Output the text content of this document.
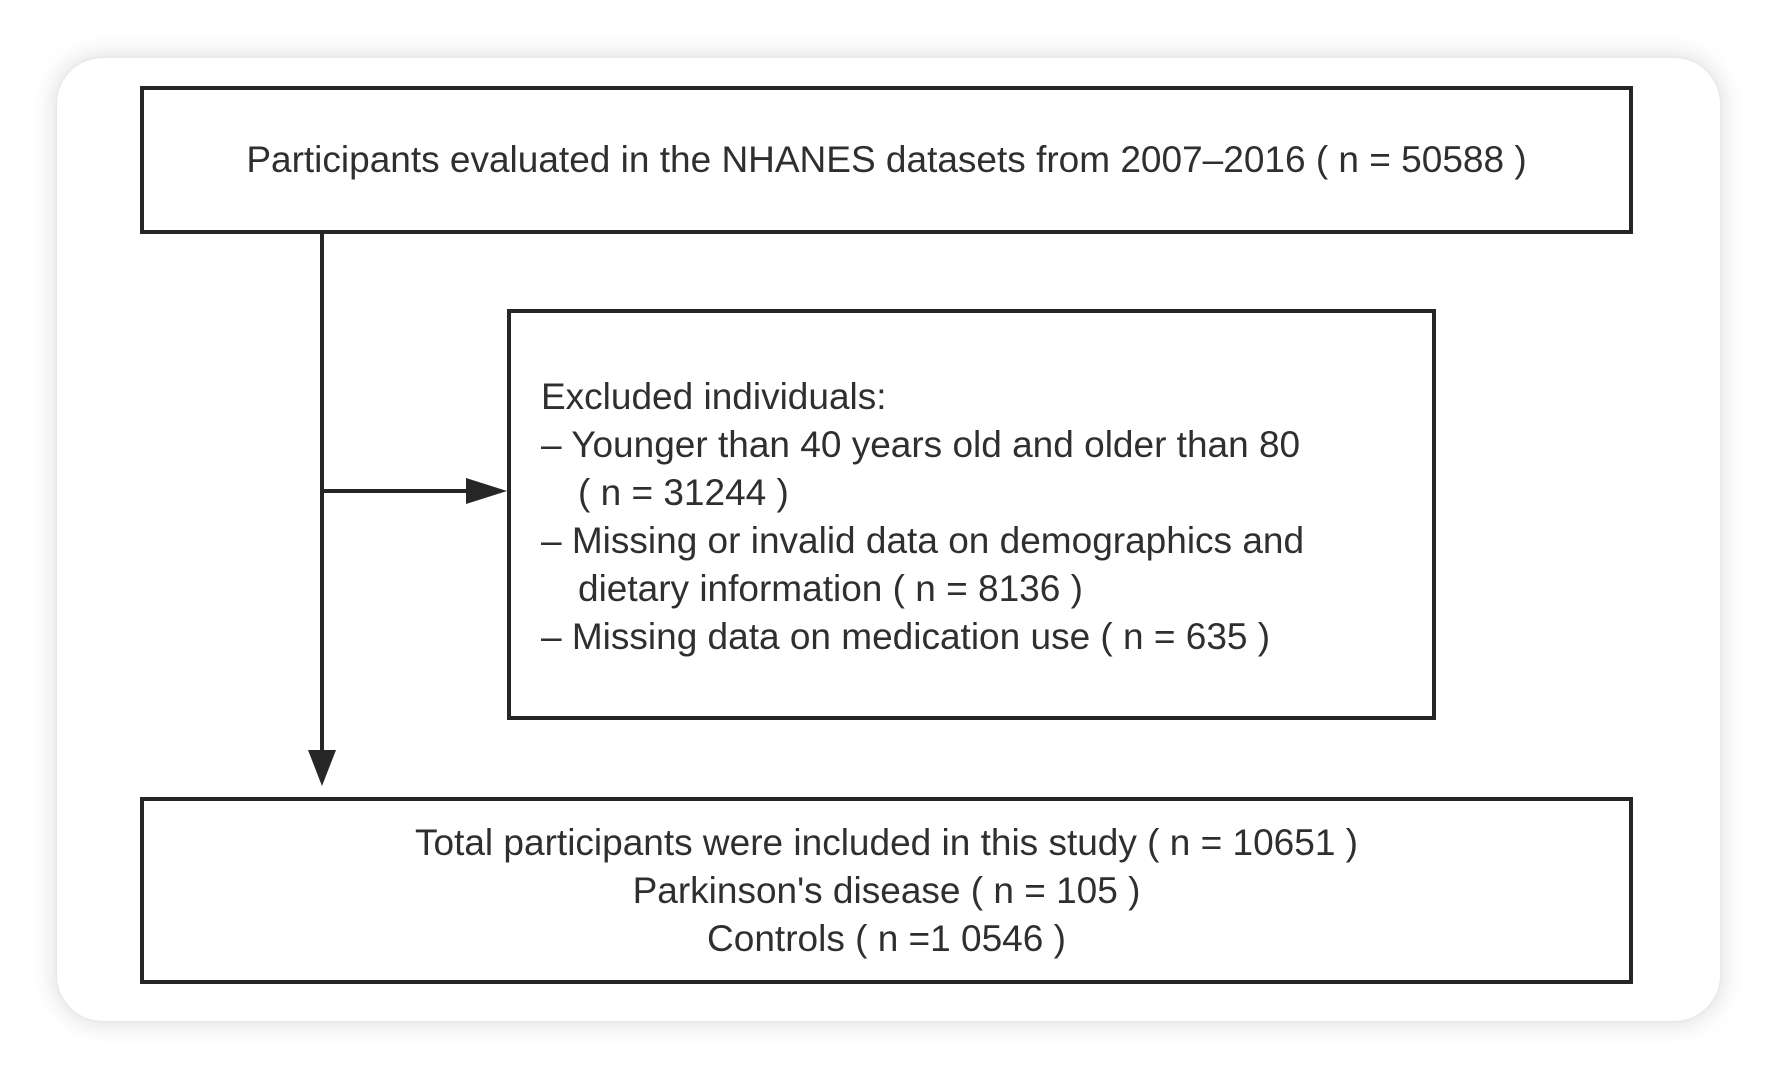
Participants evaluated in the NHANES datasets from 2007–2016 ( n = 50588 )
Excluded individuals:
– Younger than 40 years old and older than 80
( n = 31244 )
– Missing or invalid data on demographics and
dietary information ( n = 8136 )
– Missing data on medication use ( n = 635 )
Total participants were included in this study ( n = 10651 )
Parkinson's disease ( n = 105 )
Controls ( n =1 0546 )
